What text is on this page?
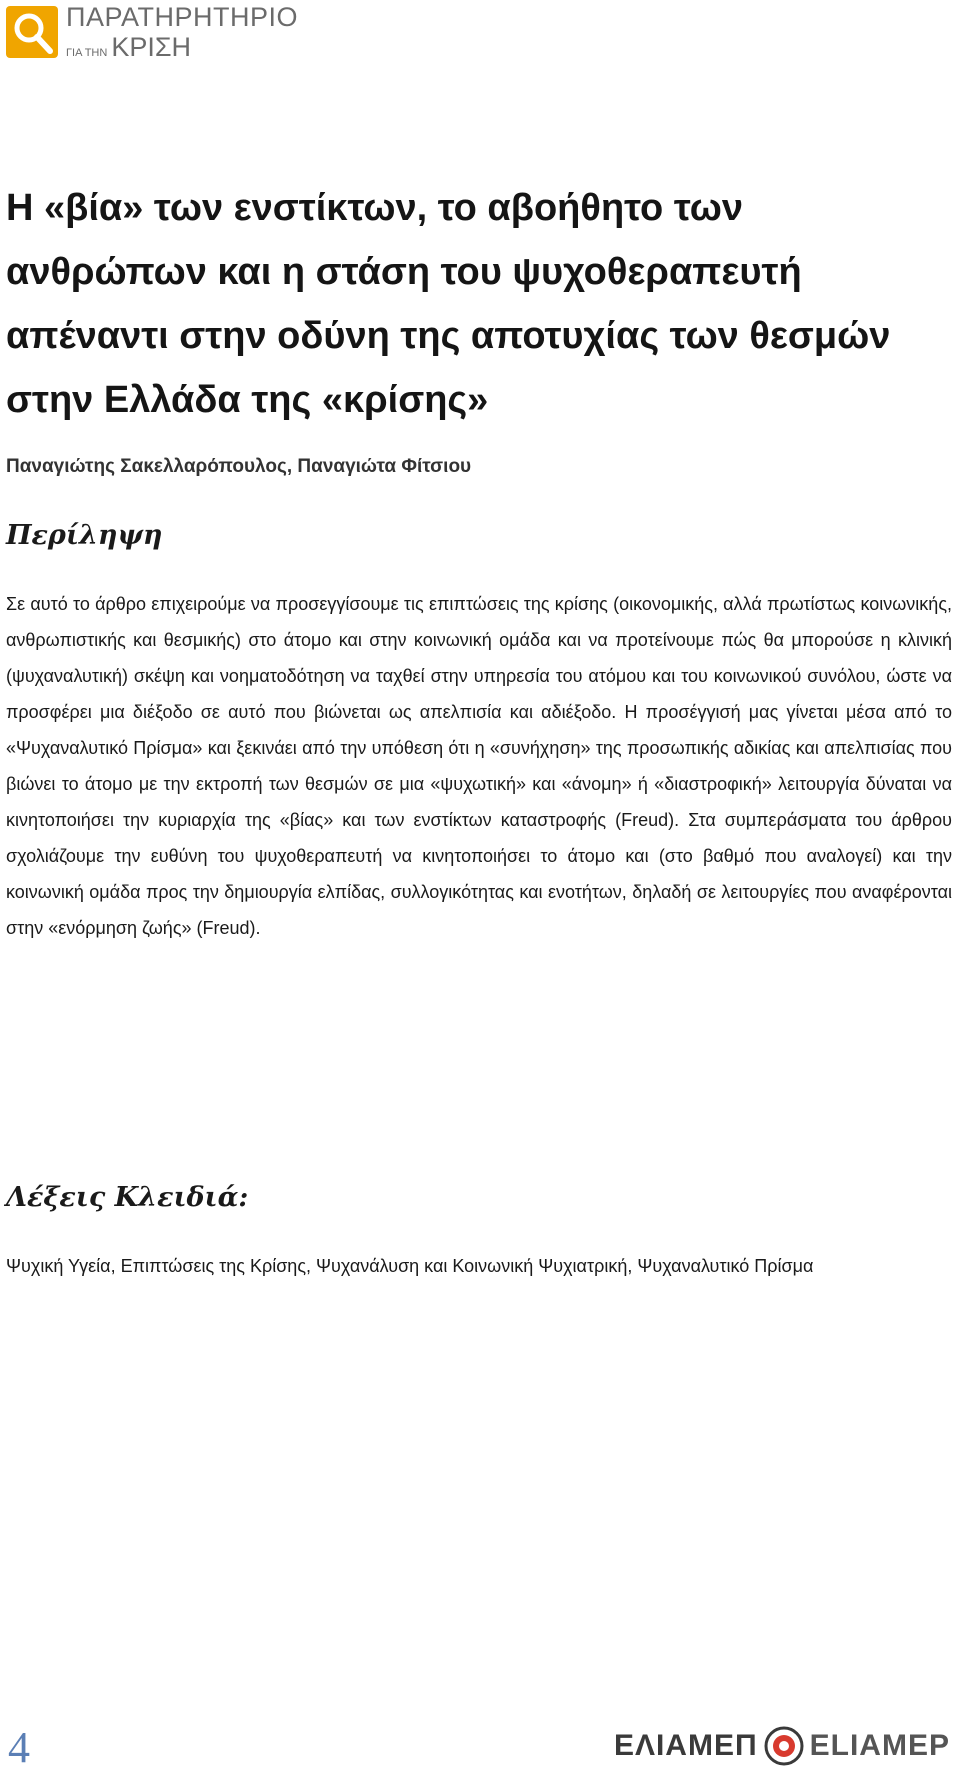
ΠΑΡΑΤΗΡΗΤΗΡΙΟ
ΓΙΑ ΤΗΝ ΚΡΙΣΗ
Η «βία» των ενστίκτων, το αβοήθητο των ανθρώπων και η στάση του ψυχοθεραπευτή απέναντι στην οδύνη της αποτυχίας των θεσμών στην Ελλάδα της «κρίσης»

Παναγιώτης Σακελλαρόπουλος, Παναγιώτα Φίτσιου

Περίληψη

Σε αυτό το άρθρο επιχειρούμε να προσεγγίσουμε τις επιπτώσεις της κρίσης (οικονομικής, αλλά πρωτίστως κοινωνικής, ανθρωπιστικής και θεσμικής) στο άτομο και στην κοινωνική ομάδα και να προτείνουμε πώς θα μπορούσε η κλινική (ψυχαναλυτική) σκέψη και νοηματοδότηση να ταχθεί στην υπηρεσία του ατόμου και του κοινωνικού συνόλου, ώστε να προσφέρει μια διέξοδο σε αυτό που βιώνεται ως απελπισία και αδιέξοδο. Η προσέγγισή μας γίνεται μέσα από το «Ψυχαναλυτικό Πρίσμα» και ξεκινάει από την υπόθεση ότι η «συνήχηση» της προσωπικής αδικίας και απελπισίας που βιώνει το άτομο με την εκτροπή των θεσμών σε μια «ψυχωτική» και «άνομη» ή «διαστροφική» λειτουργία δύναται να κινητοποιήσει την κυριαρχία της «βίας» και των ενστίκτων καταστροφής (Freud). Στα συμπεράσματα του άρθρου σχολιάζουμε την ευθύνη του ψυχοθεραπευτή να κινητοποιήσει το άτομο και (στο βαθμό που αναλογεί) και την κοινωνική ομάδα προς την δημιουργία ελπίδας, συλλογικότητας και ενοτήτων, δηλαδή σε λειτουργίες που αναφέρονται στην «ενόρμηση ζωής» (Freud).

Λέξεις Κλειδιά:

Ψυχική Υγεία, Επιπτώσεις της Κρίσης, Ψυχανάλυση και Κοινωνική Ψυχιατρική, Ψυχαναλυτικό Πρίσμα

4	ΕΛΙΑΜΕΠ ELIAMEP
